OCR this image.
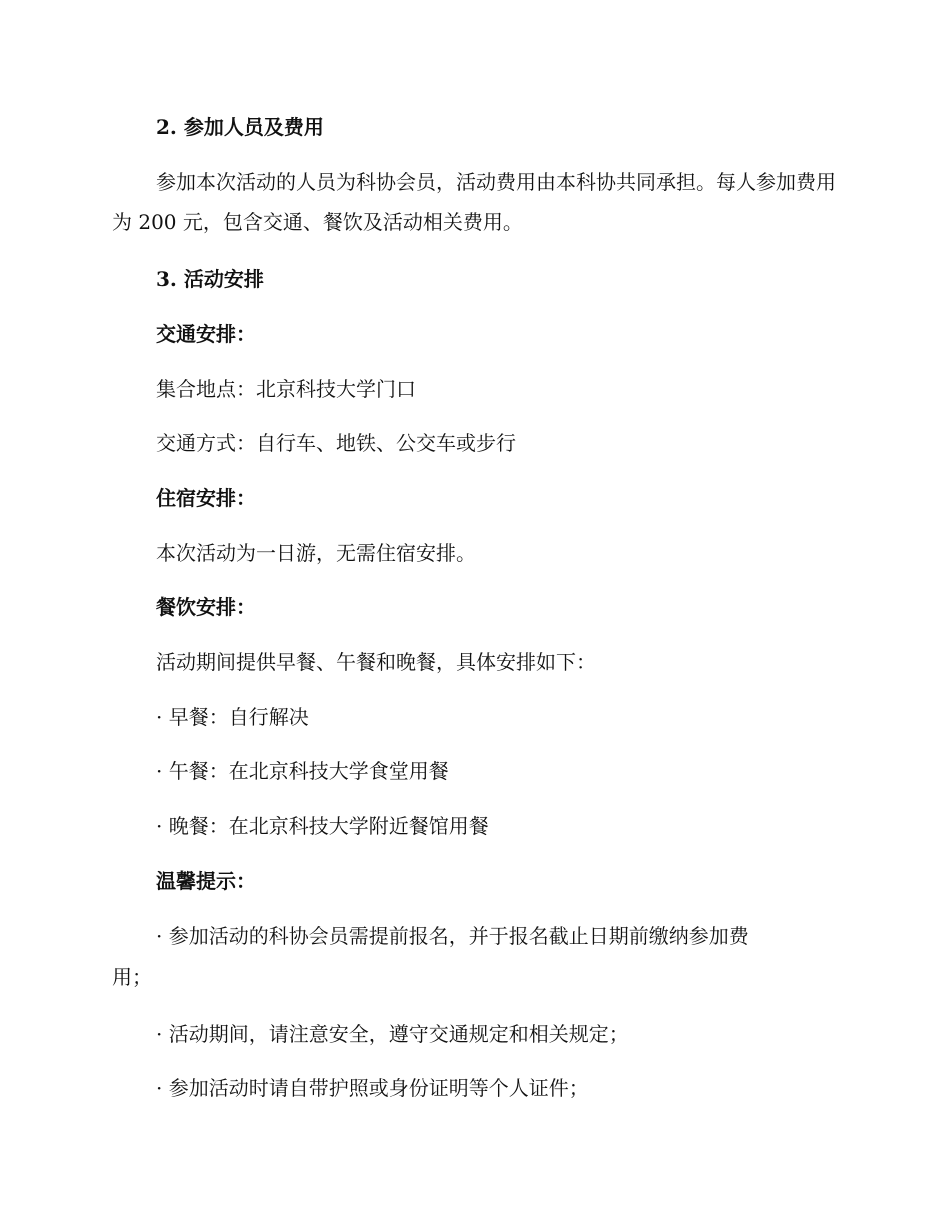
2. 参加人员及费用
参加本次活动的人员为科协会员，活动费用由本科协共同承担。每人参加费用为 200 元，包含交通、餐饮及活动相关费用。
3. 活动安排
交通安排：
集合地点：北京科技大学门口
交通方式：自行车、地铁、公交车或步行
住宿安排：
本次活动为一日游，无需住宿安排。
餐饮安排：
活动期间提供早餐、午餐和晚餐，具体安排如下：
· 早餐：自行解决
· 午餐：在北京科技大学食堂用餐
· 晚餐：在北京科技大学附近餐馆用餐
温馨提示：
· 参加活动的科协会员需提前报名，并于报名截止日期前缴纳参加费
用；
· 活动期间，请注意安全，遵守交通规定和相关规定；
· 参加活动时请自带护照或身份证明等个人证件；
